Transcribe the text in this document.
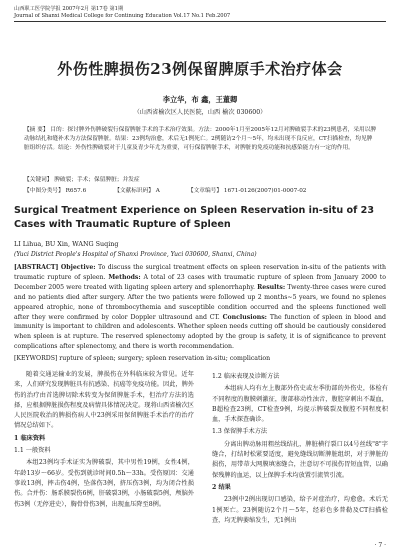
山西职工医学院学报 2007年2月 第17卷 第1期
Journal of Shanxi Medical College for Continuing Education Vol.17 No.1 Feb.2007
外伤性脾损伤23例保留脾原手术治疗体会
李立华，布 鑫，王董卿
（山西省榆次区人民医院，山西 榆次 030600）
【摘 要】 目的：探讨脾外伤脾破裂行保留脾脏手术的手术治疗效果。方法：2000年1月至2005年12月对脾破裂手术的23例患者，采用以脾动脉结扎和缝补术为方法保留脾脏。结果：23例均治愈，术后无1例死亡。2例随访2个月～5年，均未出现不良反应，CT扫描检查，均见脾脏组织存活。结论：外伤性脾破裂对于儿童及青少年尤为重要，可行保留脾脏手术，对脾脏的免疫功能和抗感染能力有一定的作用。
【关键词】 脾破裂；手术；保留脾脏；并发症
【中图分类号】 R657.6	【文献标识码】 A	【文章编号】 1671-0126(2007)01-0007-02
Surgical Treatment Experience on Spleen Reservation in-situ of 23 Cases with Traumatic Rupture of Spleen
LI Lihua, BU Xin, WANG Suqing
(Yuci District People's Hospital of Shanxi Province, Yuci 030600, Shanxi, China)
[ABSTRACT] Objective: To discuss the surgical treatment effects on spleen reservation in-situ of the patients with traumatic rupture of spleen. Methods: A total of 23 cases with traumatic rupture of spleen from January 2000 to December 2005 were treated with ligating spleen artery and splenorrhaphy. Results: Twenty-three cases were cured and no patients died after surgery. After the two patients were followed up 2 months~5 years, we found no splenes appeared atrophic, none of thrombocythemia and susceptible condition occurred and the spleens functioned well after they were confirmed by color Doppler ultrasound and CT. Conclusions: The function of spleen in blood and immunity is important to children and adolescents. Whether spleen needs cutting off should be cautiously considered when spleen is at rupture. The reserved splenectomy adopted by the group is safety, it is of significance to prevent complications after splenectomy, and there is worth recommendation.
[KEYWORDS] rupture of spleen; surgery; spleen reservation in-situ; complication

随着交通运输业的发展，脾损伤在外科临床较为常见。近年来，人们研究发现脾脏具有抗感染、抗癌等免疫功能。因此，脾外伤的治疗由首选脾切除术转变为保留脾脏手术，但治疗方法的选择，应根据脾脏损伤程度及病情具体情况决定。现将山西省榆次区人民医院收治的脾损伤病人中23例采用保留脾脏手术治疗的治疗情况总结如下。

1 临床资料

1.1 一般资料

本组23例均手术证实为脾破裂，其中男性19例，女性4例，年龄13岁～66岁。受伤到就诊时间0.5h～33h。受伤原因：交通事故13例，摔击伤4例，坠落伤3例，挤压伤3例，均为闭合性损伤。合并伤：肠系膜裂伤6例，肝破裂3例，小肠破裂5例，颅脑外伤3例（无停进史），胸骨骨伤3例，出现血压降至8例。

1.2 临床表现及诊断方法

本组病人均有左上腹部外伤史或左季肋部的外伤史，体检有不同程度的腹膜刺激征，腹部移动性浊音，腹腔穿刺出不凝血，B超检查23例，CT检查9例，均提示脾破裂及腹腔不同程度积血，手术探查确诊。

1.3 保留脾手术方法

分离出脾动脉用粗丝线结扎，脾脏横行裂口以4号丝线"8"字缝合，打结时松紧要适度，避免缝线切断脾脏组织，对于脾脏的损伤，用带蒂大网膜填塞缝合，注意切不可损伤胃短血管，以确保残脾的血运，以上保脾手术均放置引流管引流。

2 结果

23例中2例出现切口感染，给予对症治疗，均愈愈。术后无1例死亡。23例随访2个月～5年，经彩色多普勒及CT扫描检查，均无脾萎缩发生，无1例出

· 7 ·
